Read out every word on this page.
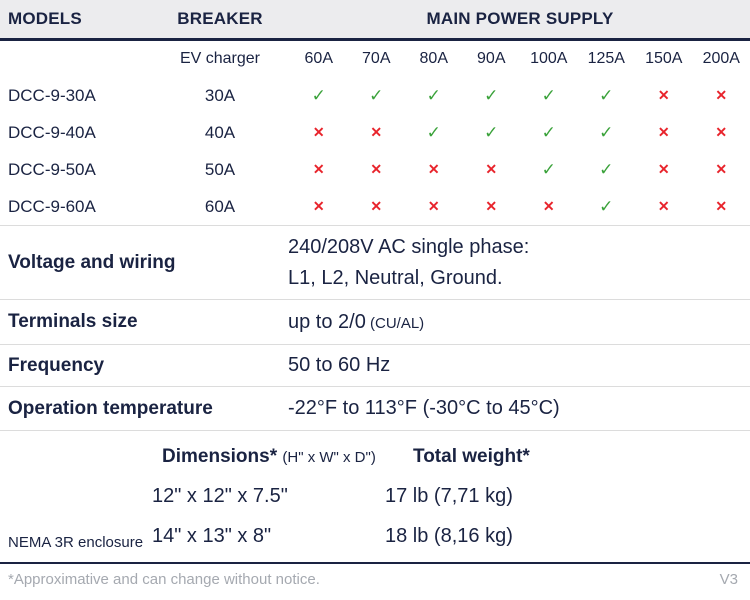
MODELS	BREAKER	MAIN POWER SUPPLY
EV charger	60A	70A	80A	90A	100A	125A	150A	200A
DCC-9-30A	30A	✓	✓	✓	✓	✓	✓	✕	✕
DCC-9-40A	40A	✕	✕	✓	✓	✓	✓	✕	✕
DCC-9-50A	50A	✕	✕	✕	✕	✓	✓	✕	✕
DCC-9-60A	60A	✕	✕	✕	✕	✕	✓	✕	✕
Voltage and wiring
240/208V AC single phase:
L1, L2, Neutral, Ground.
Terminals size	up to 2/0 (CU/AL)
Frequency	50 to 60 Hz
Operation temperature	-22°F to 113°F (-30°C to 45°C)
Dimensions* (H" x W" x D")	Total weight*
12" x 12" x 7.5"	17 lb (7,71 kg)
NEMA 3R enclosure 14" x 13" x 8"	18 lb (8,16 kg)
*Approximative and can change without notice.	V3
